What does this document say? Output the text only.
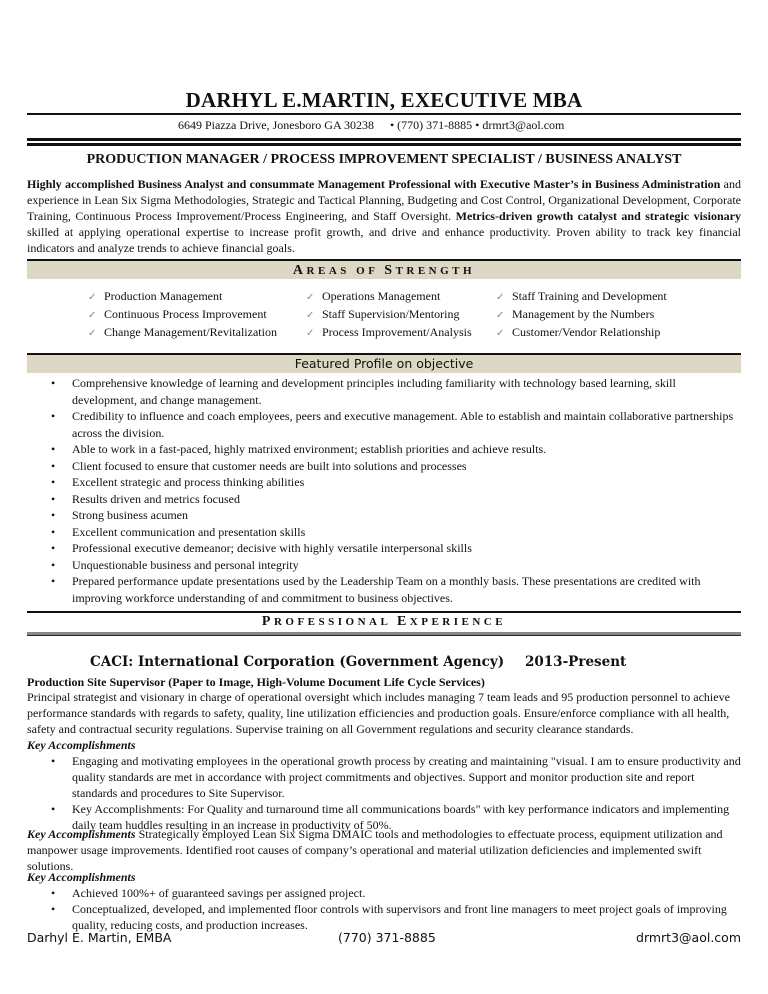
DARHYL E.MARTIN, EXECUTIVE MBA
6649 Piazza Drive, Jonesboro GA 30238 • (770) 371-8885 • drmrt3@aol.com
PRODUCTION MANAGER / PROCESS IMPROVEMENT SPECIALIST / BUSINESS ANALYST
Highly accomplished Business Analyst and consummate Management Professional with Executive Master’s in Business Administration and experience in Lean Six Sigma Methodologies, Strategic and Tactical Planning, Budgeting and Cost Control, Organizational Development, Corporate Training, Continuous Process Improvement/Process Engineering, and Staff Oversight. Metrics-driven growth catalyst and strategic visionary skilled at applying operational expertise to increase profit growth, and drive and enhance productivity. Proven ability to track key financial indicators and analyze trends to achieve financial goals.
AREAS OF STRENGTH
✓ Production Management
✓ Continuous Process Improvement
✓ Change Management/Revitalization
✓ Operations Management
✓ Staff Supervision/Mentoring
✓ Process Improvement/Analysis
✓ Staff Training and Development
✓ Management by the Numbers
✓ Customer/Vendor Relationship
Featured Profile on objective
• Comprehensive knowledge of learning and development principles including familiarity with technology based learning, skill development, and change management.
• Credibility to influence and coach employees, peers and executive management. Able to establish and maintain collaborative partnerships across the division.
• Able to work in a fast-paced, highly matrixed environment; establish priorities and achieve results.
• Client focused to ensure that customer needs are built into solutions and processes
• Excellent strategic and process thinking abilities
• Results driven and metrics focused
• Strong business acumen
• Excellent communication and presentation skills
• Professional executive demeanor; decisive with highly versatile interpersonal skills
• Unquestionable business and personal integrity
• Prepared performance update presentations used by the Leadership Team on a monthly basis. These presentations are credited with improving workforce understanding of and commitment to business objectives.
PROFESSIONAL EXPERIENCE
CACI: International Corporation (Government Agency) 2013-Present
Production Site Supervisor (Paper to Image, High-Volume Document Life Cycle Services)
Principal strategist and visionary in charge of operational oversight which includes managing 7 team leads and 95 production personnel to achieve performance standards with regards to safety, quality, line utilization efficiencies and production goals. Ensure/enforce compliance with all health, safety and contractual security regulations. Supervise training on all Government regulations and security clearance standards.
Key Accomplishments
• Engaging and motivating employees in the operational growth process by creating and maintaining "visual. I am to ensure productivity and quality standards are met in accordance with project commitments and objectives. Support and monitor production site and report standards and procedures to Site Supervisor.
• Key Accomplishments: For Quality and turnaround time all communications boards" with key performance indicators and implementing daily team huddles resulting in an increase in productivity of 50%.
Key Accomplishments Strategically employed Lean Six Sigma DMAIC tools and methodologies to effectuate process, equipment utilization and manpower usage improvements. Identified root causes of company’s operational and material utilization deficiencies and implemented swift solutions.
Key Accomplishments
• Achieved 100%+ of guaranteed savings per assigned project.
• Conceptualized, developed, and implemented floor controls with supervisors and front line managers to meet project goals of improving quality, reducing costs, and production increases.
Darhyl E. Martin, EMBA	(770) 371-8885	drmrt3@aol.com
